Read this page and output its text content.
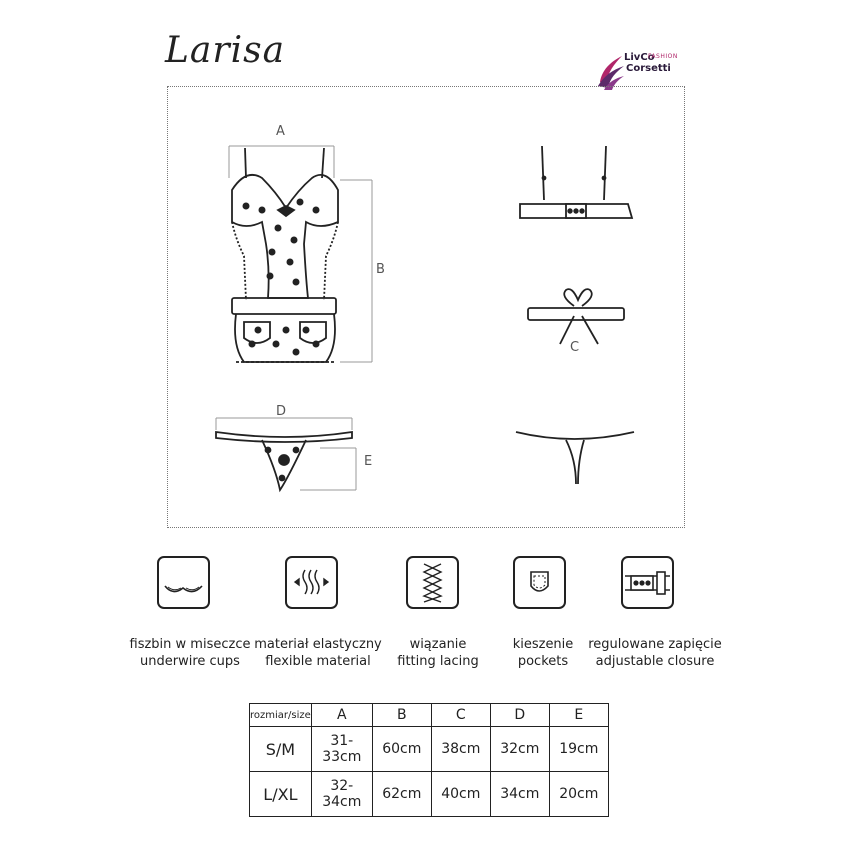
Larisa	LivCo
FASHION
Corsetti
A
B
C
D
E
fiszbin w miseczce
underwire cups
materiał elastyczny
flexible material
wiązanie
fitting lacing
kieszenie
pockets
regulowane zapięcie
adjustable closure
rozmiar/size	A	B	C	D	E
S/M	31-33cm	60cm	38cm	32cm	19cm
L/XL	32-34cm	62cm	40cm	34cm	20cm
